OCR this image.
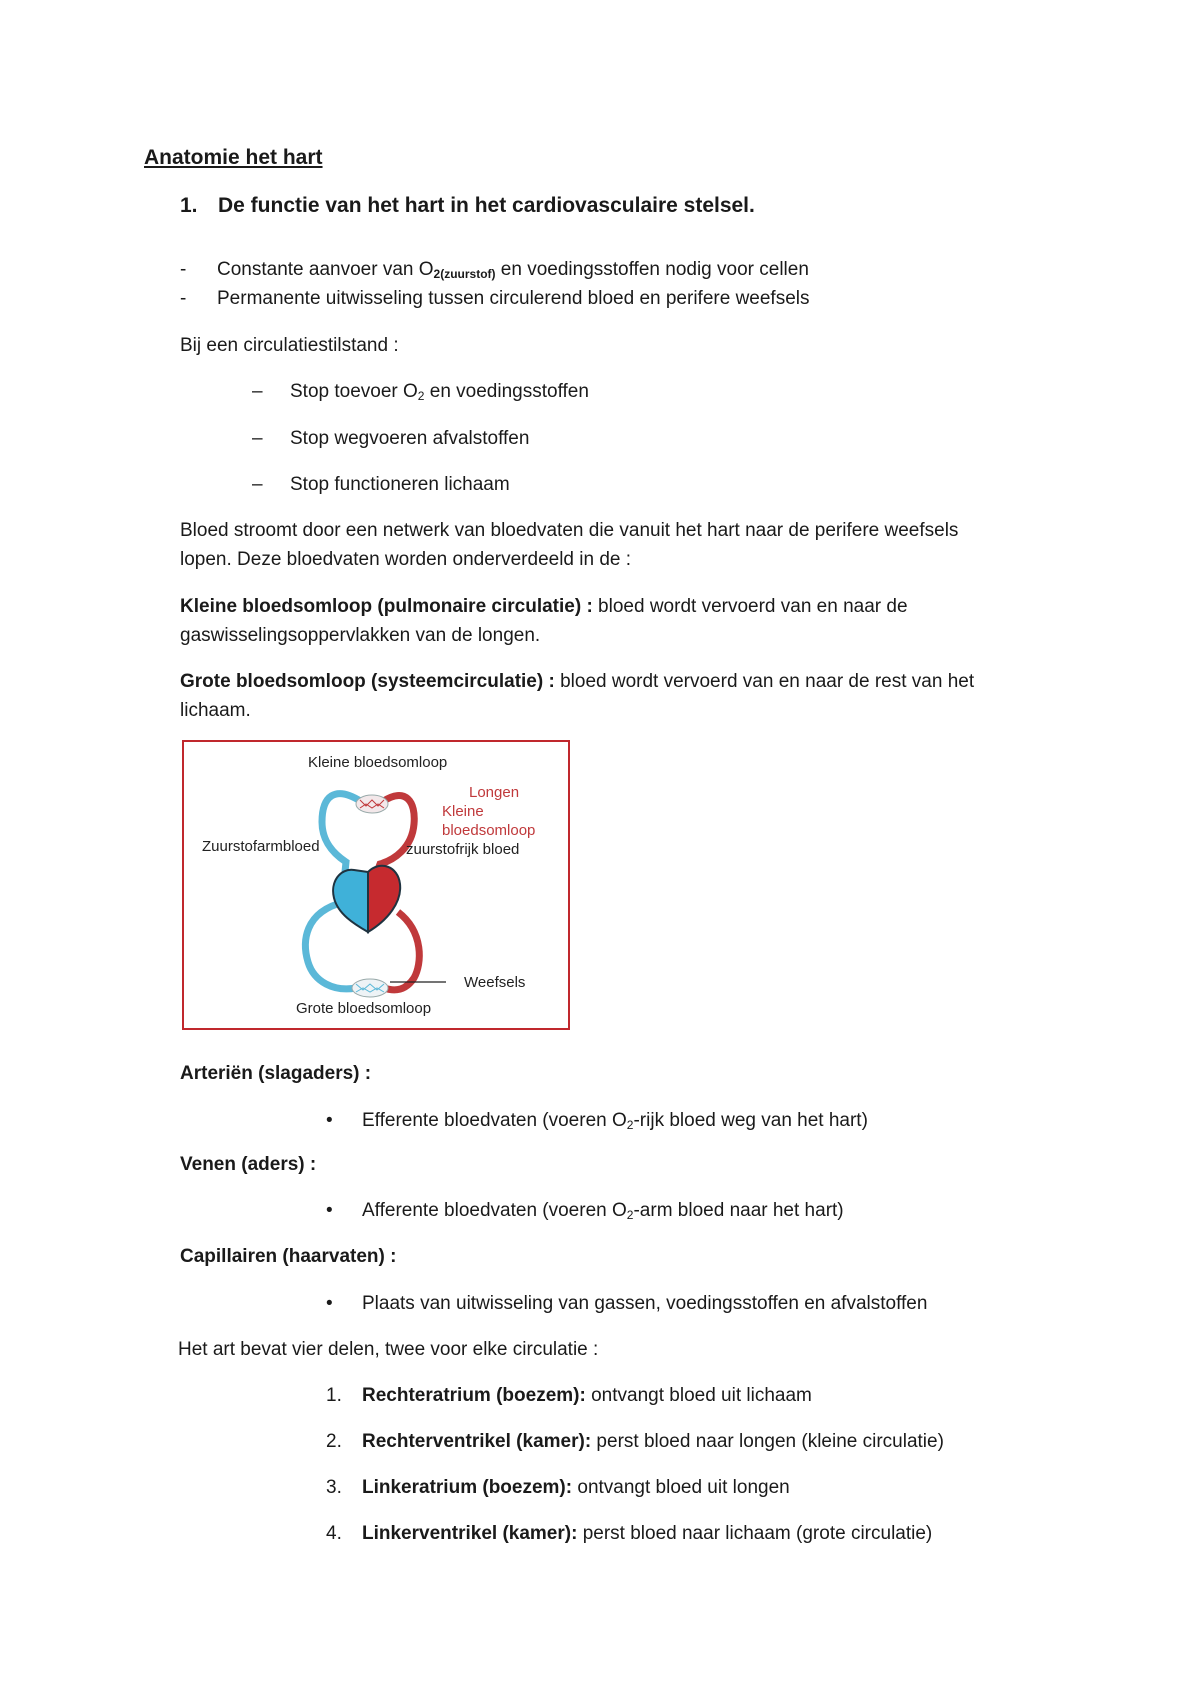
Anatomie het hart
1. De functie van het hart in het cardiovasculaire stelsel.
- Constante aanvoer van $O_{2(zuurstof)}$ en voedingsstoffen nodig voor cellen
- Permanente uitwisseling tussen circulerend bloed en perifere weefsels
Bij een circulatiestilstand :
– Stop toevoer O2 en voedingsstoffen
– Stop wegvoeren afvalstoffen
– Stop functioneren lichaam
Bloed stroomt door een netwerk van bloedvaten die vanuit het hart naar de perifere weefsels
lopen. Deze bloedvaten worden onderverdeeld in de :
Kleine bloedsomloop (pulmonaire circulatie) : bloed wordt vervoerd van en naar de
gaswisselingsoppervlakken van de longen.
Grote bloedsomloop (systeemcirculatie) : bloed wordt vervoerd van en naar de rest van het
lichaam.
Kleine bloedsomloop
Longen
Kleine
bloedsomloop
Zuurstofarmbloed	zuurstofrijk bloed
Weefsels
Grote bloedsomloop
Arteriën (slagaders) :
• Efferente bloedvaten (voeren O2-rijk bloed weg van het hart)
Venen (aders) :
• Afferente bloedvaten (voeren O2-arm bloed naar het hart)
Capillairen (haarvaten) :
• Plaats van uitwisseling van gassen, voedingsstoffen en afvalstoffen
Het art bevat vier delen, twee voor elke circulatie :
1. Rechteratrium (boezem): ontvangt bloed uit lichaam
2. Rechterventrikel (kamer): perst bloed naar longen (kleine circulatie)
3. Linkeratrium (boezem): ontvangt bloed uit longen
4. Linkerventrikel (kamer): perst bloed naar lichaam (grote circulatie)
